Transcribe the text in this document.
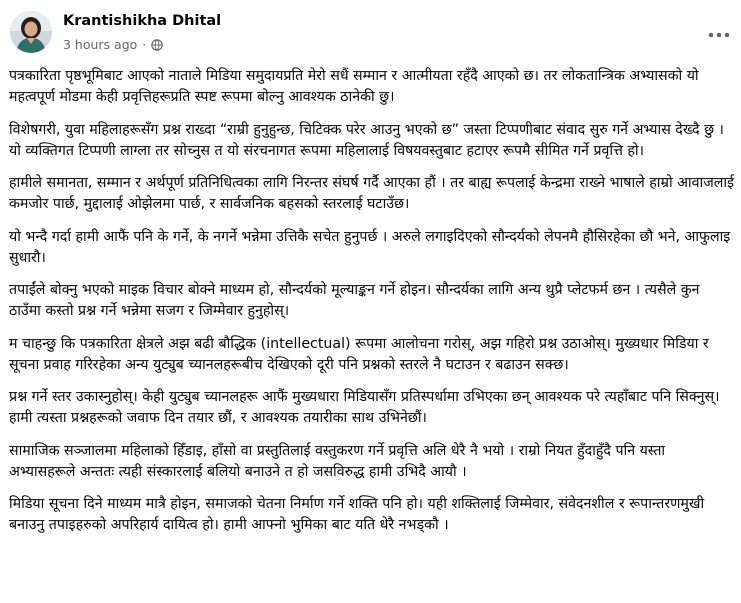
Krantishikha Dhital
3 hours ago ·

पत्रकारिता पृष्ठभूमिबाट आएको नाताले मिडिया समुदायप्रति मेरो सधैं सम्मान र आत्मीयता रहँदै आएको छ। तर लोकतान्त्रिक अभ्यासको यो महत्वपूर्ण मोडमा केही प्रवृत्तिहरूप्रति स्पष्ट रूपमा बोल्नु आवश्यक ठानेकी छु।

विशेषगरी, युवा महिलाहरूसँग प्रश्न राख्दा “राम्री हुनुहुन्छ, चिटिक्क परेर आउनु भएको छ” जस्ता टिप्पणीबाट संवाद सुरु गर्ने अभ्यास देख्दै छु । यो व्यक्तिगत टिप्पणी लाग्ला तर सोच्नुस त यो संरचनागत रूपमा महिलालाई विषयवस्तुबाट हटाएर रूपमै सीमित गर्ने प्रवृत्ति हो।

हामीले समानता, सम्मान र अर्थपूर्ण प्रतिनिधित्वका लागि निरन्तर संघर्ष गर्दै आएका हौं । तर बाह्य रूपलाई केन्द्रमा राख्ने भाषाले हाम्रो आवाजलाई कमजोर पार्छ, मुद्दालाई ओझेलमा पार्छ, र सार्वजनिक बहसको स्तरलाई घटाउँछ।

यो भन्दै गर्दा हामी आफैं पनि के गर्ने, के नगर्ने भन्नेमा उत्तिकै सचेत हुनुपर्छ । अरुले लगाइदिएको सौन्दर्यको लेपनमै हौसिरहेका छौ भने, आफुलाइ सुधारौ।

तपाईंले बोक्नु भएको माइक विचार बोक्ने माध्यम हो, सौन्दर्यको मूल्याङ्कन गर्ने होइन। सौन्दर्यका लागि अन्य थुप्रै प्लेटफर्म छन । त्यसैले कुन ठाउँमा कस्तो प्रश्न गर्ने भन्नेमा सजग र जिम्मेवार हुनुहोस्।

म चाहन्छु कि पत्रकारिता क्षेत्रले अझ बढी बौद्धिक (intellectual) रूपमा आलोचना गरोस्, अझ गहिरो प्रश्न उठाओस्। मुख्यधार मिडिया र सूचना प्रवाह गरिरहेका अन्य युट्युब च्यानलहरूबीच देखिएको दूरी पनि प्रश्नको स्तरले नै घटाउन र बढाउन सक्छ।

प्रश्न गर्ने स्तर उकास्नुहोस्। केही युट्युब च्यानलहरू आफैं मुख्यधारा मिडियासँग प्रतिस्पर्धामा उभिएका छन् आवश्यक परे त्यहाँबाट पनि सिक्नुस्। हामी त्यस्ता प्रश्नहरूको जवाफ दिन तयार छौं, र आवश्यक तयारीका साथ उभिनेछौं।

सामाजिक सञ्जालमा महिलाको हिँडाइ, हाँसो वा प्रस्तुतिलाई वस्तुकरण गर्ने प्रवृत्ति अलि धेरै नै भयो । राम्रो नियत हुँदाहुँदै पनि यस्ता अभ्यासहरूले अन्ततः त्यही संस्कारलाई बलियो बनाउने त हो जसविरुद्ध हामी उभिदै आयौ ।

मिडिया सूचना दिने माध्यम मात्रै होइन, समाजको चेतना निर्माण गर्ने शक्ति पनि हो। यही शक्तिलाई जिम्मेवार, संवेदनशील र रूपान्तरणमुखी बनाउनु तपाइहरुको अपरिहार्य दायित्व हो। हामी आफ्नो भुमिका बाट यति धेरै नभड्कौ ।
